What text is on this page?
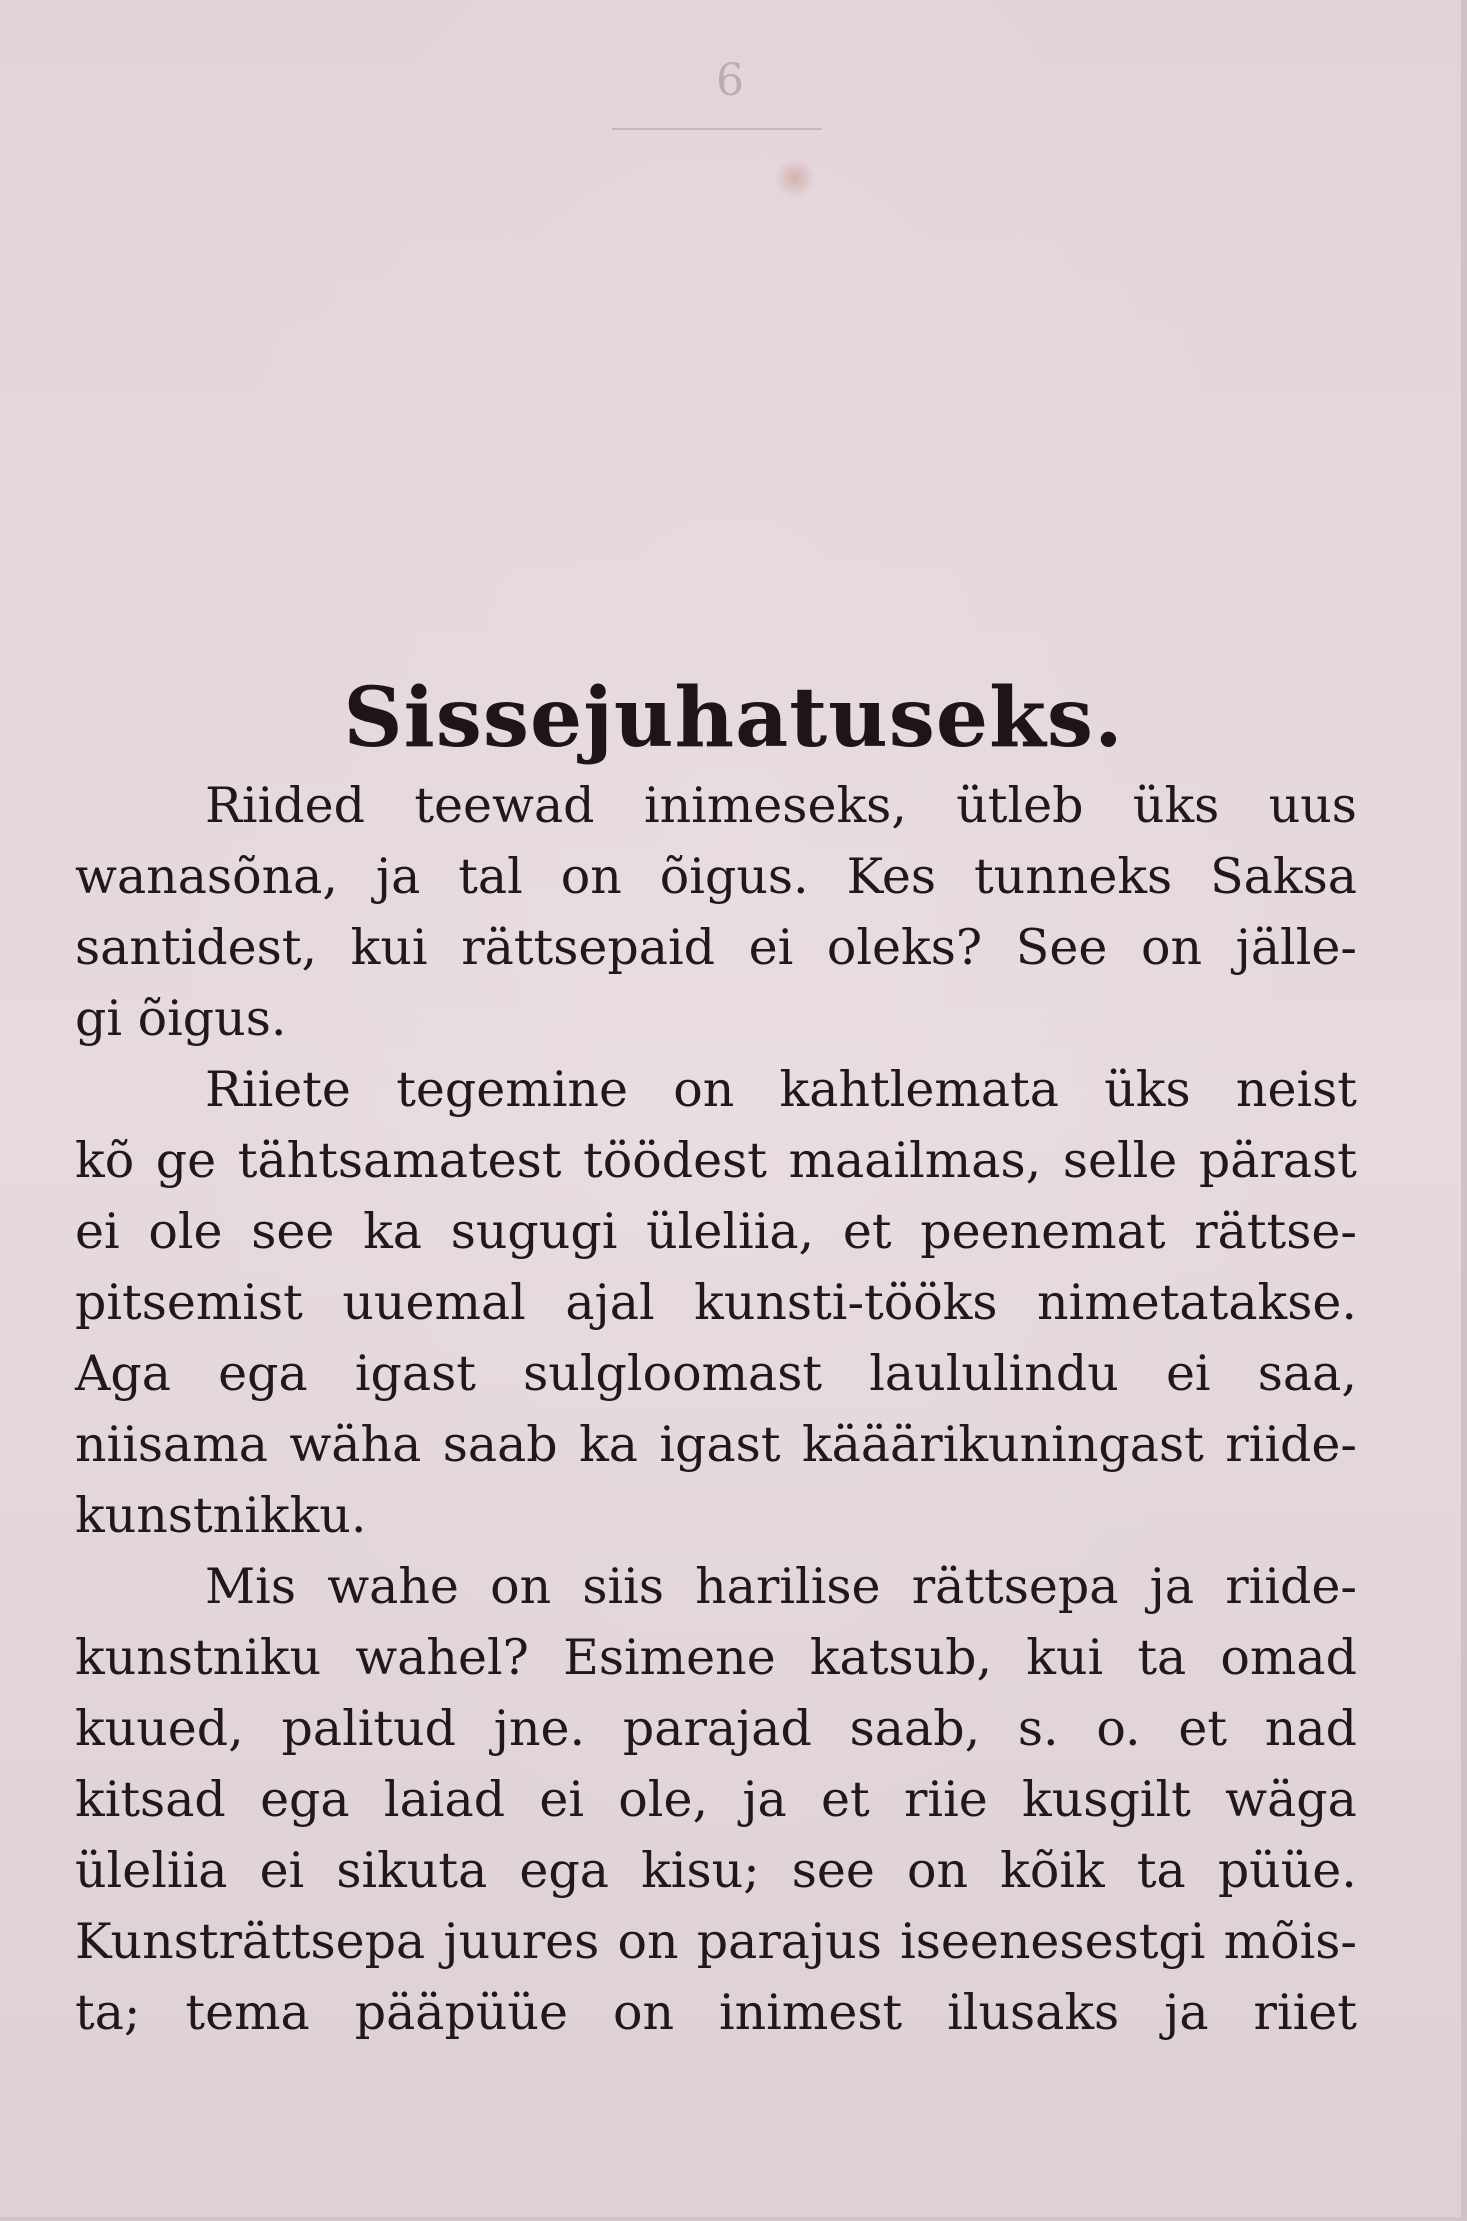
6
Sissejuhatuseks.
Riided teewad inimeseks, ütleb üks uus
wanasõna, ja tal on õigus. Kes tunneks Saksa
santidest, kui rättsepaid ei oleks? See on jälle-
gi õigus.
Riiete tegemine on kahtlemata üks neist
kõ ge tähtsamatest töödest maailmas, selle pärast
ei ole see ka sugugi üleliia, et peenemat rättse-
pitsemist uuemal ajal kunsti-tööks nimetatakse.
Aga ega igast sulgloomast laululindu ei saa,
niisama wäha saab ka igast kääärikuningast riide-
kunstnikku.
Mis wahe on siis harilise rättsepa ja riide-
kunstniku wahel? Esimene katsub, kui ta omad
kuued, palitud jne. parajad saab, s. o. et nad
kitsad ega laiad ei ole, ja et riie kusgilt wäga
üleliia ei sikuta ega kisu; see on kõik ta püüe.
Kunsträttsepa juures on parajus iseenesestgi mõis-
ta; tema pääpüüe on inimest ilusaks ja riiet
